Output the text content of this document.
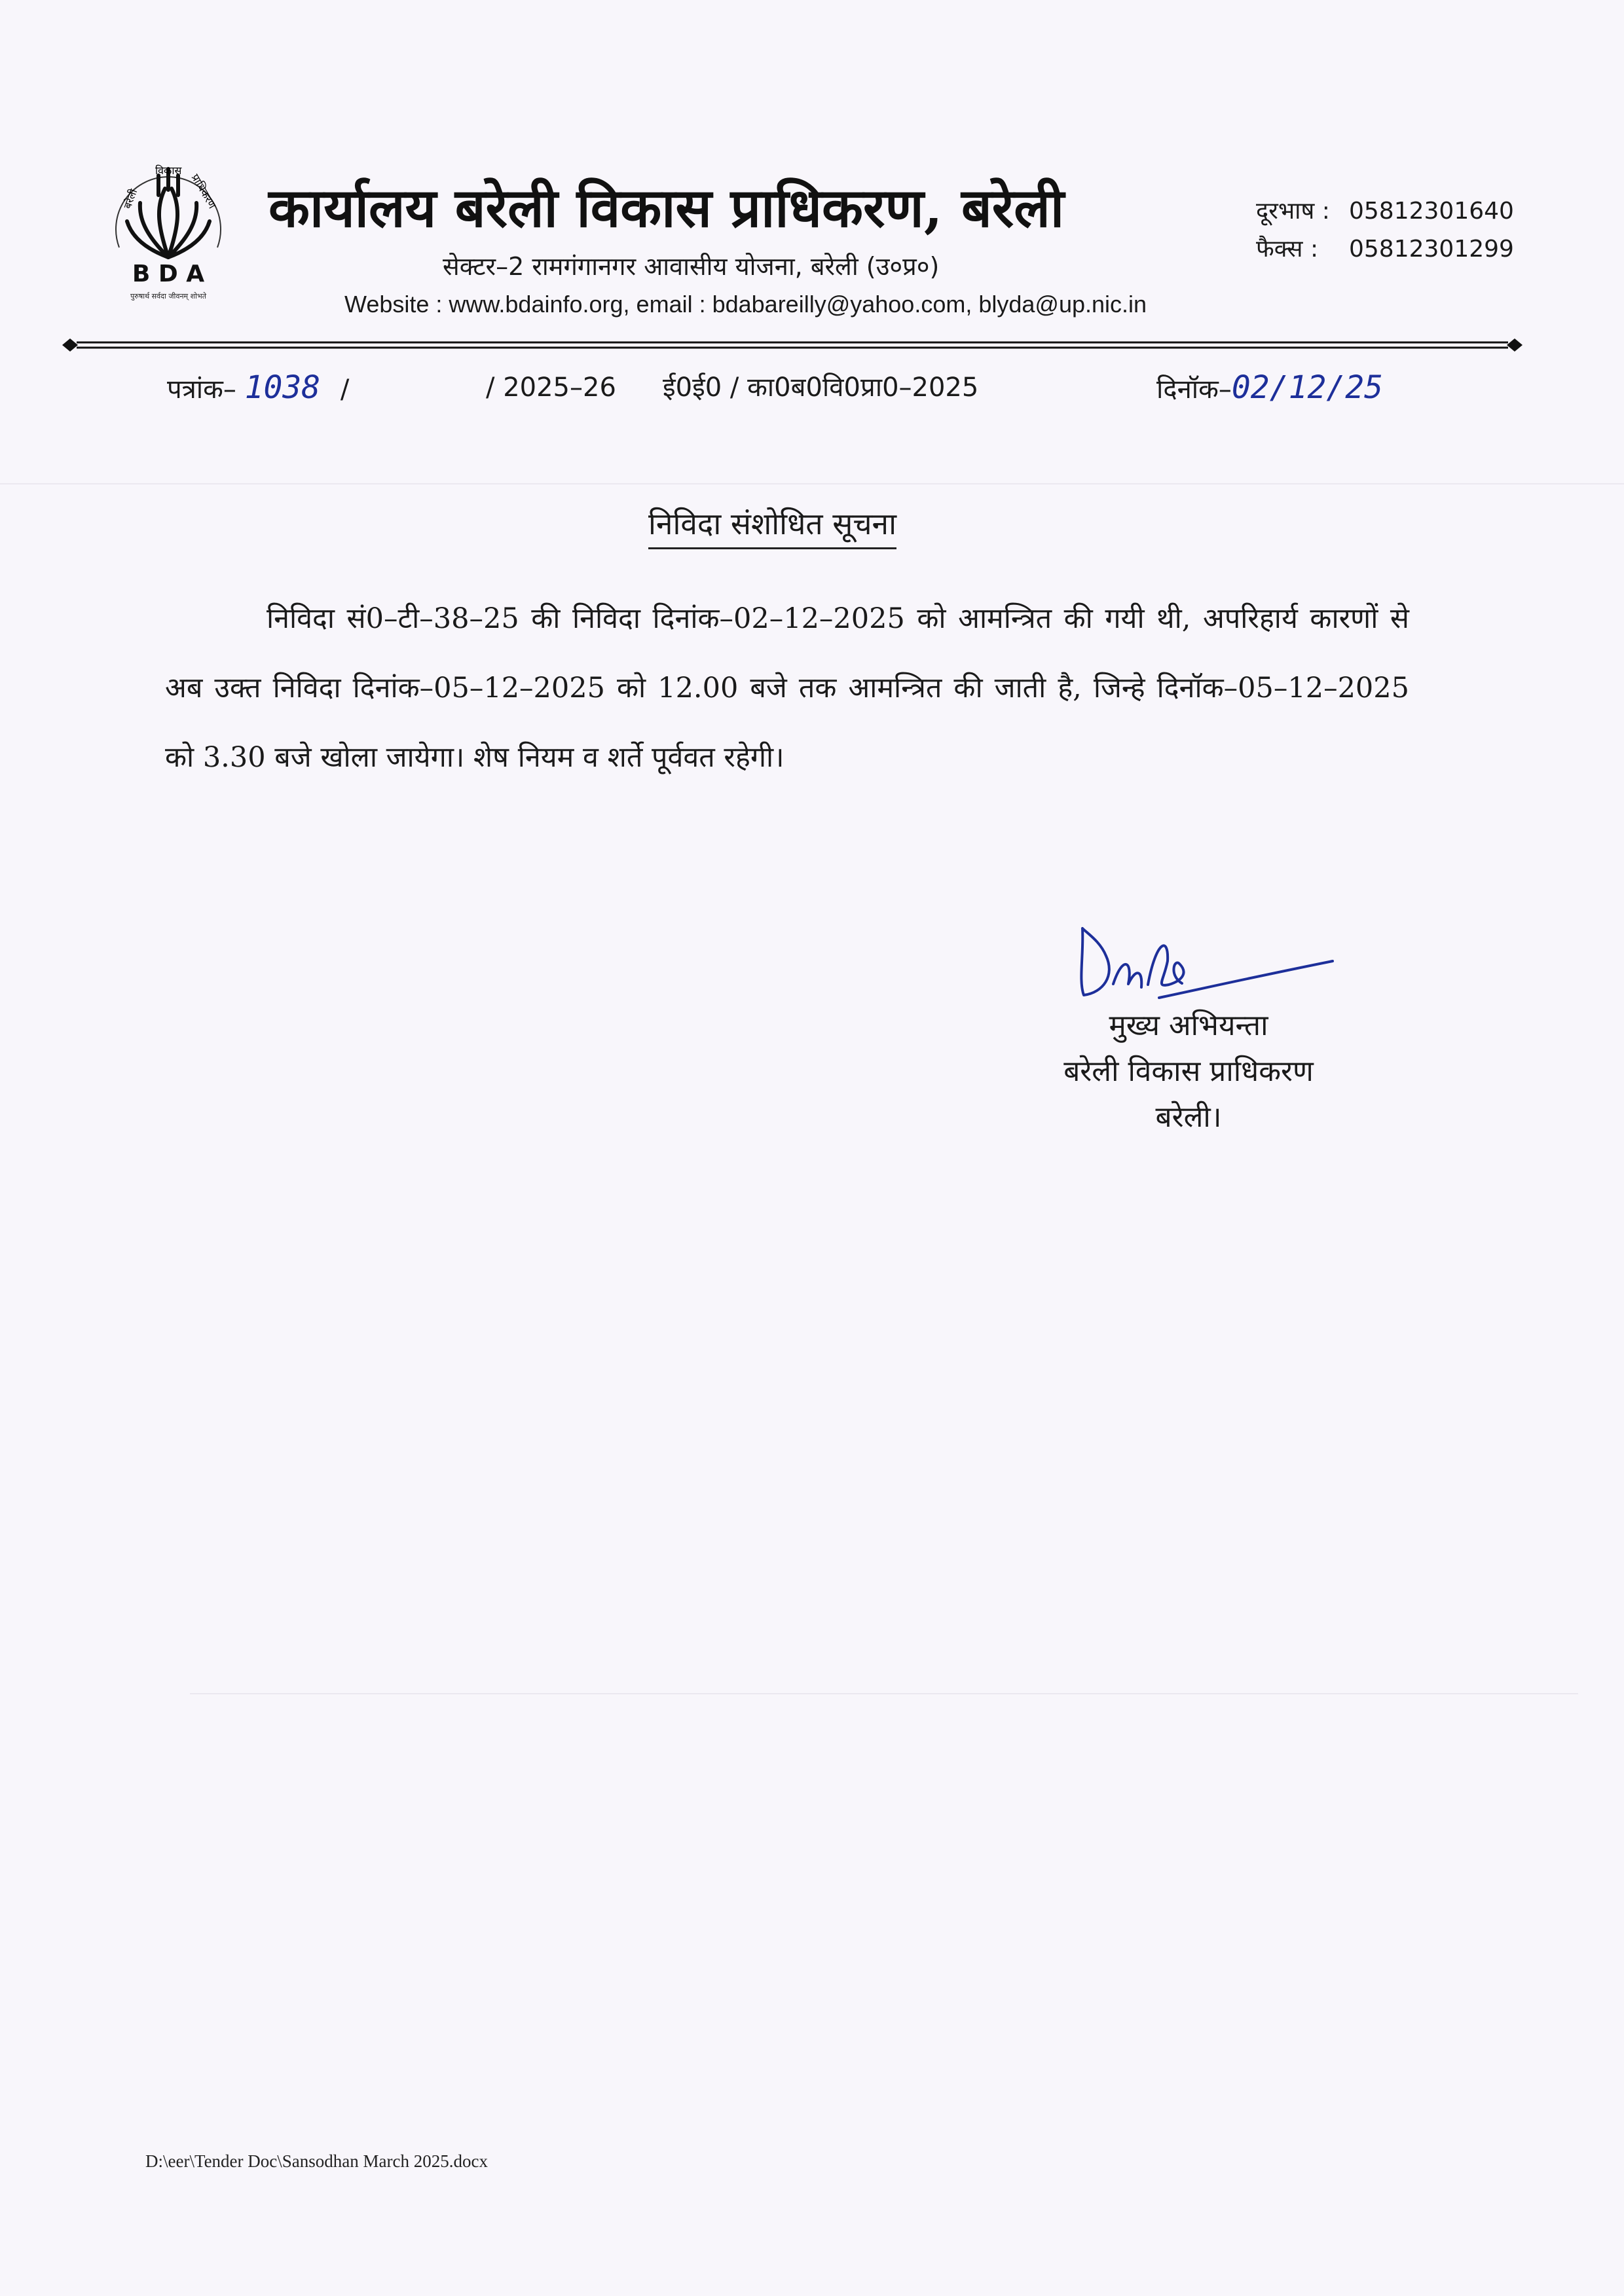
बरेली
विकास
प्राधिकरण
B D A
पुरुषार्थ सर्वदा जीवनम् शोभते
कार्यालय बरेली विकास प्राधिकरण, बरेली
सेक्टर–2 रामगंगानगर आवासीय योजना, बरेली (उ०प्र०)
Website : www.bdainfo.org, email : bdabareilly@yahoo.com, blyda@up.nic.in
दूरभाष : 05812301640
फैक्स : 05812301299
पत्रांक– 1038 /	/ 2025–26 ई0ई0 / का0ब0वि0प्रा0–2025	दिनॉक–02/12/25
निविदा संशोधित सूचना
निविदा सं0–टी–38–25 की निविदा दिनांक–02–12–2025 को आमन्त्रित की गयी थी, अपरिहार्य कारणों से अब उक्त निविदा दिनांक–05–12–2025 को 12.00 बजे तक आमन्त्रित की जाती है, जिन्हे दिनॉक–05–12–2025 को 3.30 बजे खोला जायेगा। शेष नियम व शर्ते पूर्ववत रहेगी।
मुख्य अभियन्ता
बरेली विकास प्राधिकरण
बरेली।
D:\eer\Tender Doc\Sansodhan March 2025.docx
